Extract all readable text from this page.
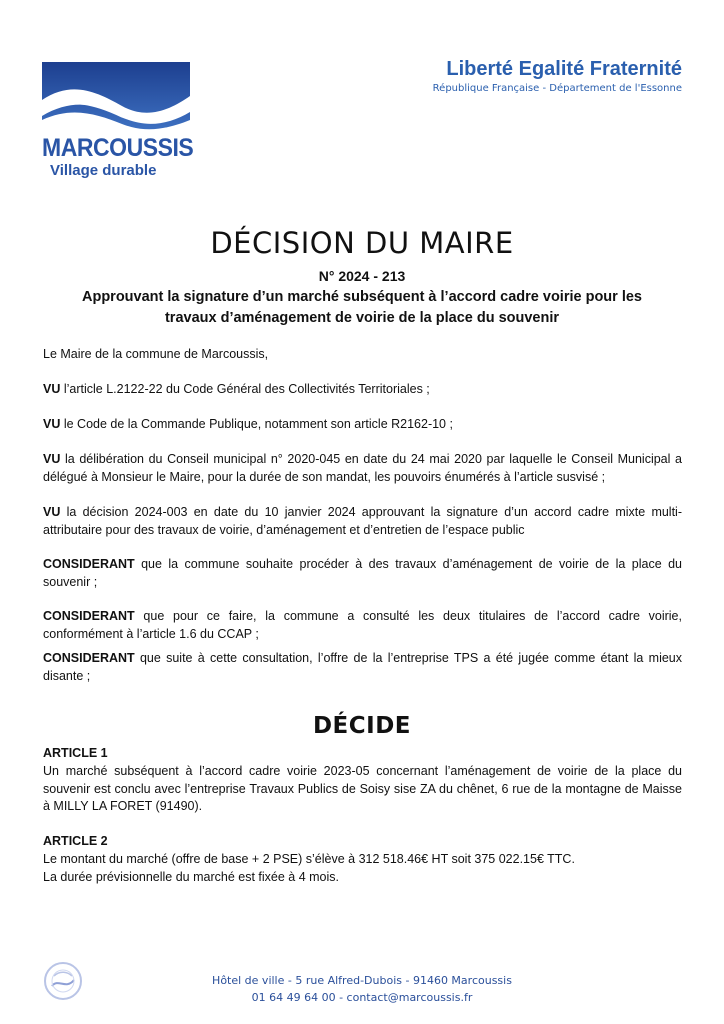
MARCOUSSIS
Village durable
Liberté Egalité Fraternité
République Française - Département de l'Essonne
DÉCISION DU MAIRE
N° 2024 - 213
Approuvant la signature d’un marché subséquent à l’accord cadre voirie pour les
travaux d’aménagement de voirie de la place du souvenir
Le Maire de la commune de Marcoussis,
VU l’article L.2122-22 du Code Général des Collectivités Territoriales ;
VU le Code de la Commande Publique, notamment son article R2162-10 ;
VU la délibération du Conseil municipal n° 2020-045 en date du 24 mai 2020 par laquelle le Conseil Municipal a délégué à Monsieur le Maire, pour la durée de son mandat, les pouvoirs énumérés à l’article susvisé ;
VU la décision 2024-003 en date du 10 janvier 2024 approuvant la signature d’un accord cadre mixte multi-attributaire pour des travaux de voirie, d’aménagement et d’entretien de l’espace public
CONSIDERANT que la commune souhaite procéder à des travaux d’aménagement de voirie de la place du souvenir ;
CONSIDERANT que pour ce faire, la commune a consulté les deux titulaires de l’accord cadre voirie, conformément à l’article 1.6 du CCAP ;
CONSIDERANT que suite à cette consultation, l’offre de la l’entreprise TPS a été jugée comme étant la mieux disante ;
DÉCIDE
ARTICLE 1
Un marché subséquent à l’accord cadre voirie 2023-05 concernant l’aménagement de voirie de la place du souvenir est conclu avec l’entreprise Travaux Publics de Soisy sise ZA du chênet, 6 rue de la montagne de Maisse à MILLY LA FORET (91490).
ARTICLE 2
Le montant du marché (offre de base + 2 PSE) s’élève à 312 518.46€ HT soit 375 022.15€ TTC.
La durée prévisionnelle du marché est fixée à 4 mois.
Hôtel de ville - 5 rue Alfred-Dubois - 91460 Marcoussis
01 64 49 64 00 - contact@marcoussis.fr
